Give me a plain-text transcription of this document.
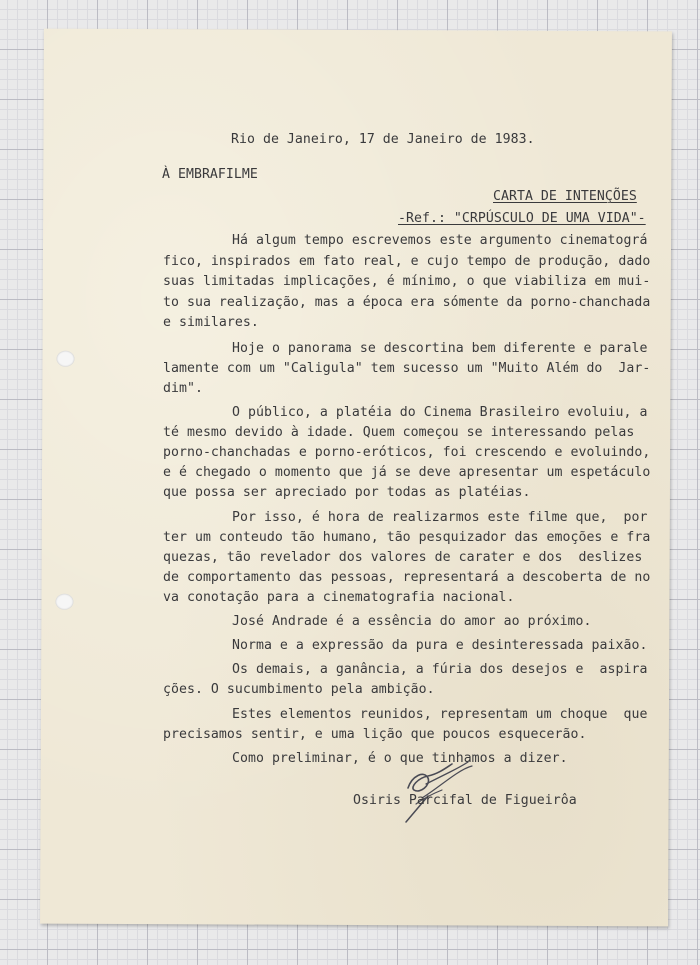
Rio de Janeiro, 17 de Janeiro de 1983.
À EMBRAFILME
CARTA DE INTENÇÕES
-Ref.: "CRPÚSCULO DE UMA VIDA"-
Há algum tempo escrevemos este argumento cinematográ
fico, inspirados em fato real, e cujo tempo de produção, dado
suas limitadas implicações, é mínimo, o que viabiliza em mui-
to sua realização, mas a época era sómente da porno-chanchada
e similares.
Hoje o panorama se descortina bem diferente e parale
lamente com um "Caligula" tem sucesso um "Muito Além do  Jar-
dim".
O público, a platéia do Cinema Brasileiro evoluiu, a
té mesmo devido à idade. Quem começou se interessando pelas
porno-chanchadas e porno-eróticos, foi crescendo e evoluindo,
e é chegado o momento que já se deve apresentar um espetáculo
que possa ser apreciado por todas as platéias.
Por isso, é hora de realizarmos este filme que,  por
ter um conteudo tão humano, tão pesquizador das emoções e fra
quezas, tão revelador dos valores de carater e dos  deslizes
de comportamento das pessoas, representará a descoberta de no
va conotação para a cinematografia nacional.
José Andrade é a essência do amor ao próximo.
Norma e a expressão da pura e desinteressada paixão.
Os demais, a ganância, a fúria dos desejos e  aspira
ções. O sucumbimento pela ambição.
Estes elementos reunidos, representam um choque  que
precisamos sentir, e uma lição que poucos esquecerão.
Como preliminar, é o que tinhamos a dizer.
Osiris Parcifal de Figueirôa
